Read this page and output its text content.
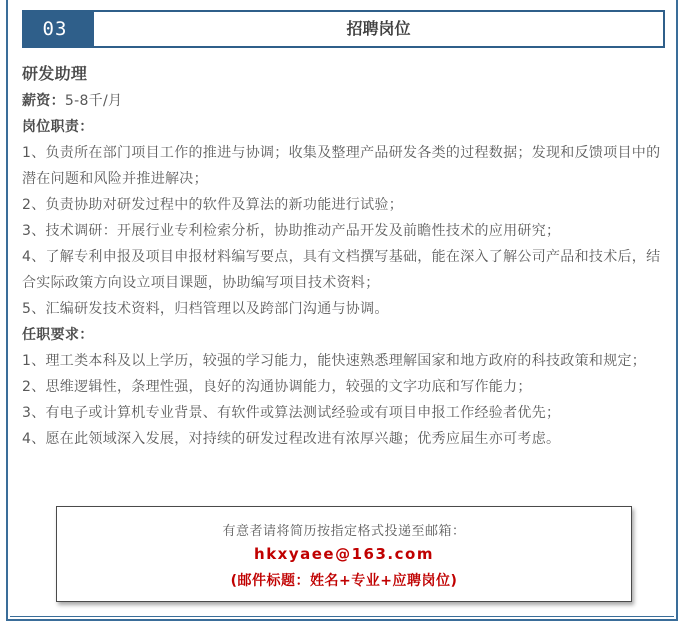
03	招聘岗位
研发助理

薪资：5-8千/月

岗位职责：

1、负责所在部门项目工作的推进与协调；收集及整理产品研发各类的过程数据；发现和反馈项目中的潜在问题和风险并推进解决；

2、负责协助对研发过程中的软件及算法的新功能进行试验；

3、技术调研：开展行业专利检索分析，协助推动产品开发及前瞻性技术的应用研究；

4、了解专利申报及项目申报材料编写要点，具有文档撰写基础，能在深入了解公司产品和技术后，结合实际政策方向设立项目课题，协助编写项目技术资料；

5、汇编研发技术资料，归档管理以及跨部门沟通与协调。

任职要求：

1、理工类本科及以上学历，较强的学习能力，能快速熟悉理解国家和地方政府的科技政策和规定；

2、思维逻辑性，条理性强，良好的沟通协调能力，较强的文字功底和写作能力；

3、有电子或计算机专业背景、有软件或算法测试经验或有项目申报工作经验者优先；

4、愿在此领域深入发展，对持续的研发过程改进有浓厚兴趣；优秀应届生亦可考虑。

有意者请将简历按指定格式投递至邮箱：
hkxyaee@163.com
(邮件标题：姓名+专业+应聘岗位)
